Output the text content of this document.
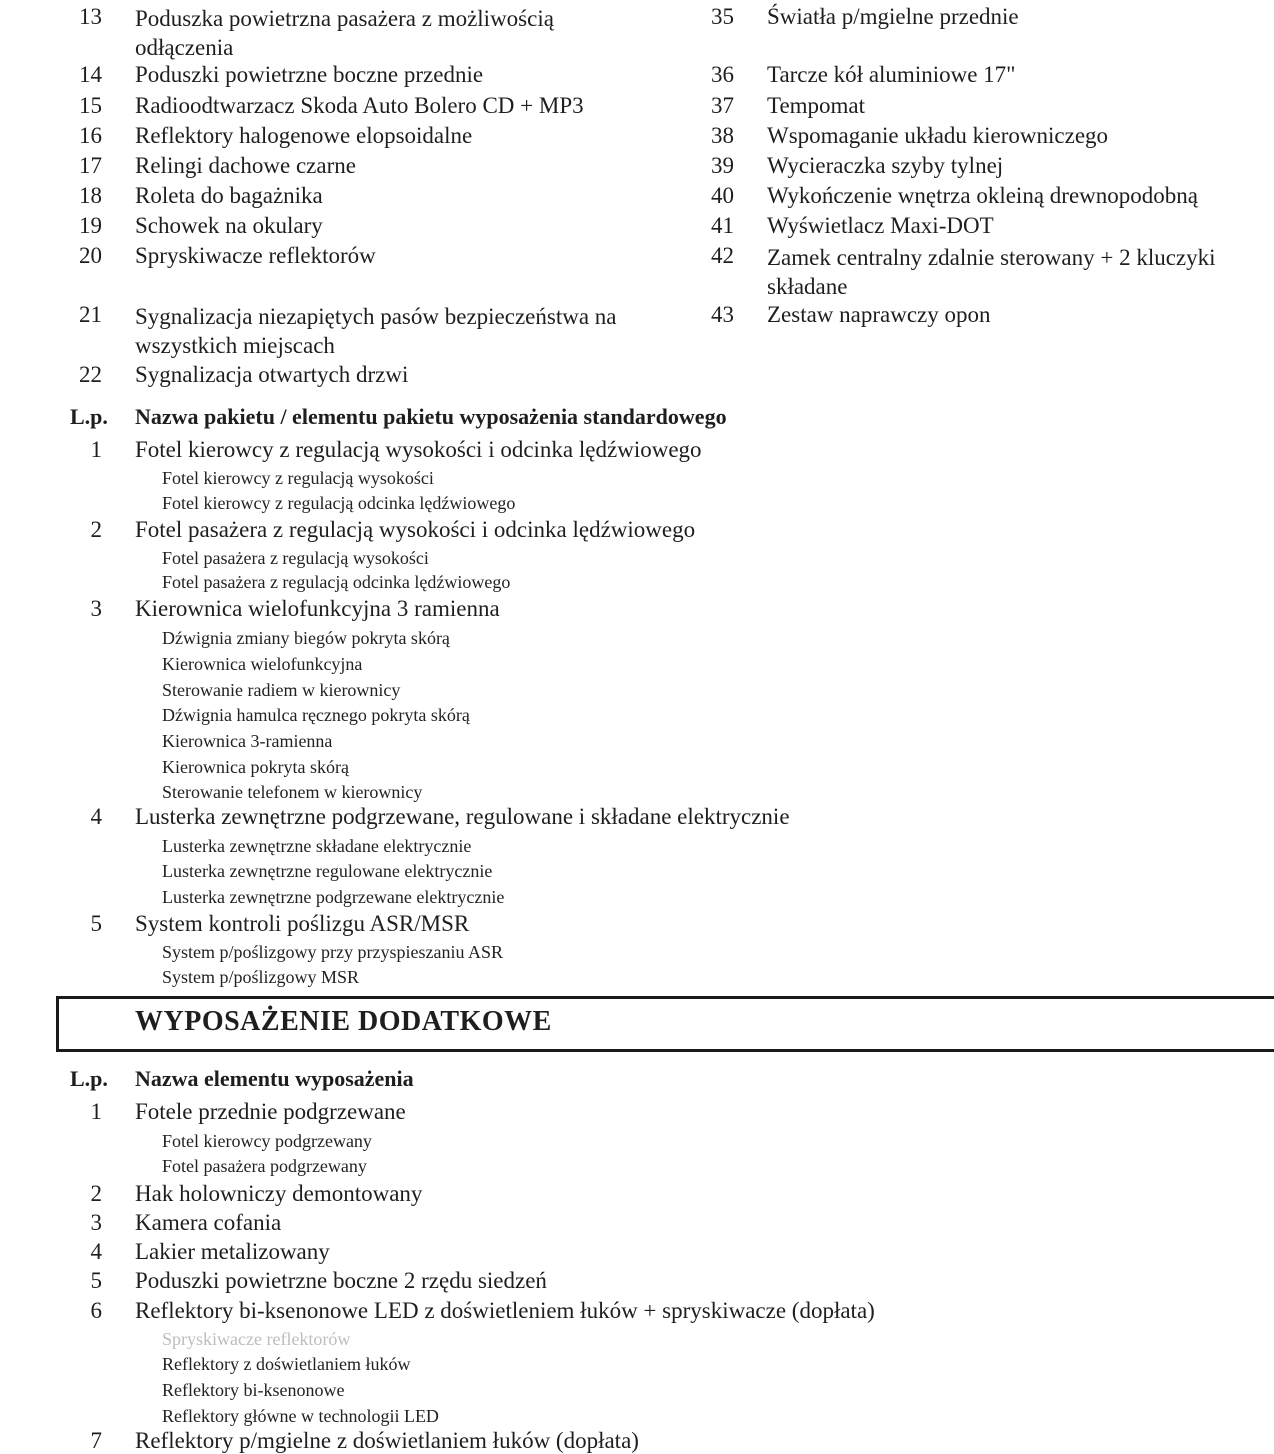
13 Poduszka powietrzna pasażera z możliwością odłączenia
14 Poduszki powietrzne boczne przednie
15 Radioodtwarzacz Skoda Auto Bolero CD + MP3
16 Reflektory halogenowe elopsoidalne
17 Relingi dachowe czarne
18 Roleta do bagażnika
19 Schowek na okulary
20 Spryskiwacze reflektorów
21 Sygnalizacja niezapiętych pasów bezpieczeństwa na wszystkich miejscach
22 Sygnalizacja otwartych drzwi
35 Światła p/mgielne przednie
36 Tarcze kół aluminiowe 17"
37 Tempomat
38 Wspomaganie układu kierowniczego
39 Wycieraczka szyby tylnej
40 Wykończenie wnętrza okleiną drewnopodobną
41 Wyświetlacz Maxi-DOT
42 Zamek centralny zdalnie sterowany + 2 kluczyki składane
43 Zestaw naprawczy opon
L.p. Nazwa pakietu / elementu pakietu wyposażenia standardowego
1 Fotel kierowcy z regulacją wysokości i odcinka lędźwiowego
Fotel kierowcy z regulacją wysokości
Fotel kierowcy z regulacją odcinka lędźwiowego
2 Fotel pasażera z regulacją wysokości i odcinka lędźwiowego
Fotel pasażera z regulacją wysokości
Fotel pasażera z regulacją odcinka lędźwiowego
3 Kierownica wielofunkcyjna 3 ramienna
Dźwignia zmiany biegów pokryta skórą
Kierownica wielofunkcyjna
Sterowanie radiem w kierownicy
Dźwignia hamulca ręcznego pokryta skórą
Kierownica 3-ramienna
Kierownica pokryta skórą
Sterowanie telefonem w kierownicy
4 Lusterka zewnętrzne podgrzewane, regulowane i składane elektrycznie
Lusterka zewnętrzne składane elektrycznie
Lusterka zewnętrzne regulowane elektrycznie
Lusterka zewnętrzne podgrzewane elektrycznie
5 System kontroli poślizgu ASR/MSR
System p/poślizgowy przy przyspieszaniu ASR
System p/poślizgowy MSR
WYPOSAŻENIE DODATKOWE
L.p. Nazwa elementu wyposażenia
1 Fotele przednie podgrzewane
Fotel kierowcy podgrzewany
Fotel pasażera podgrzewany
2 Hak holowniczy demontowany
3 Kamera cofania
4 Lakier metalizowany
5 Poduszki powietrzne boczne 2 rzędu siedzeń
6 Reflektory bi-ksenonowe LED z doświetleniem łuków + spryskiwacze (dopłata)
Spryskiwacze reflektorów
Reflektory z doświetlaniem łuków
Reflektory bi-ksenonowe
Reflektory główne w technologii LED
7 Reflektory p/mgielne z doświetlaniem łuków (dopłata)
